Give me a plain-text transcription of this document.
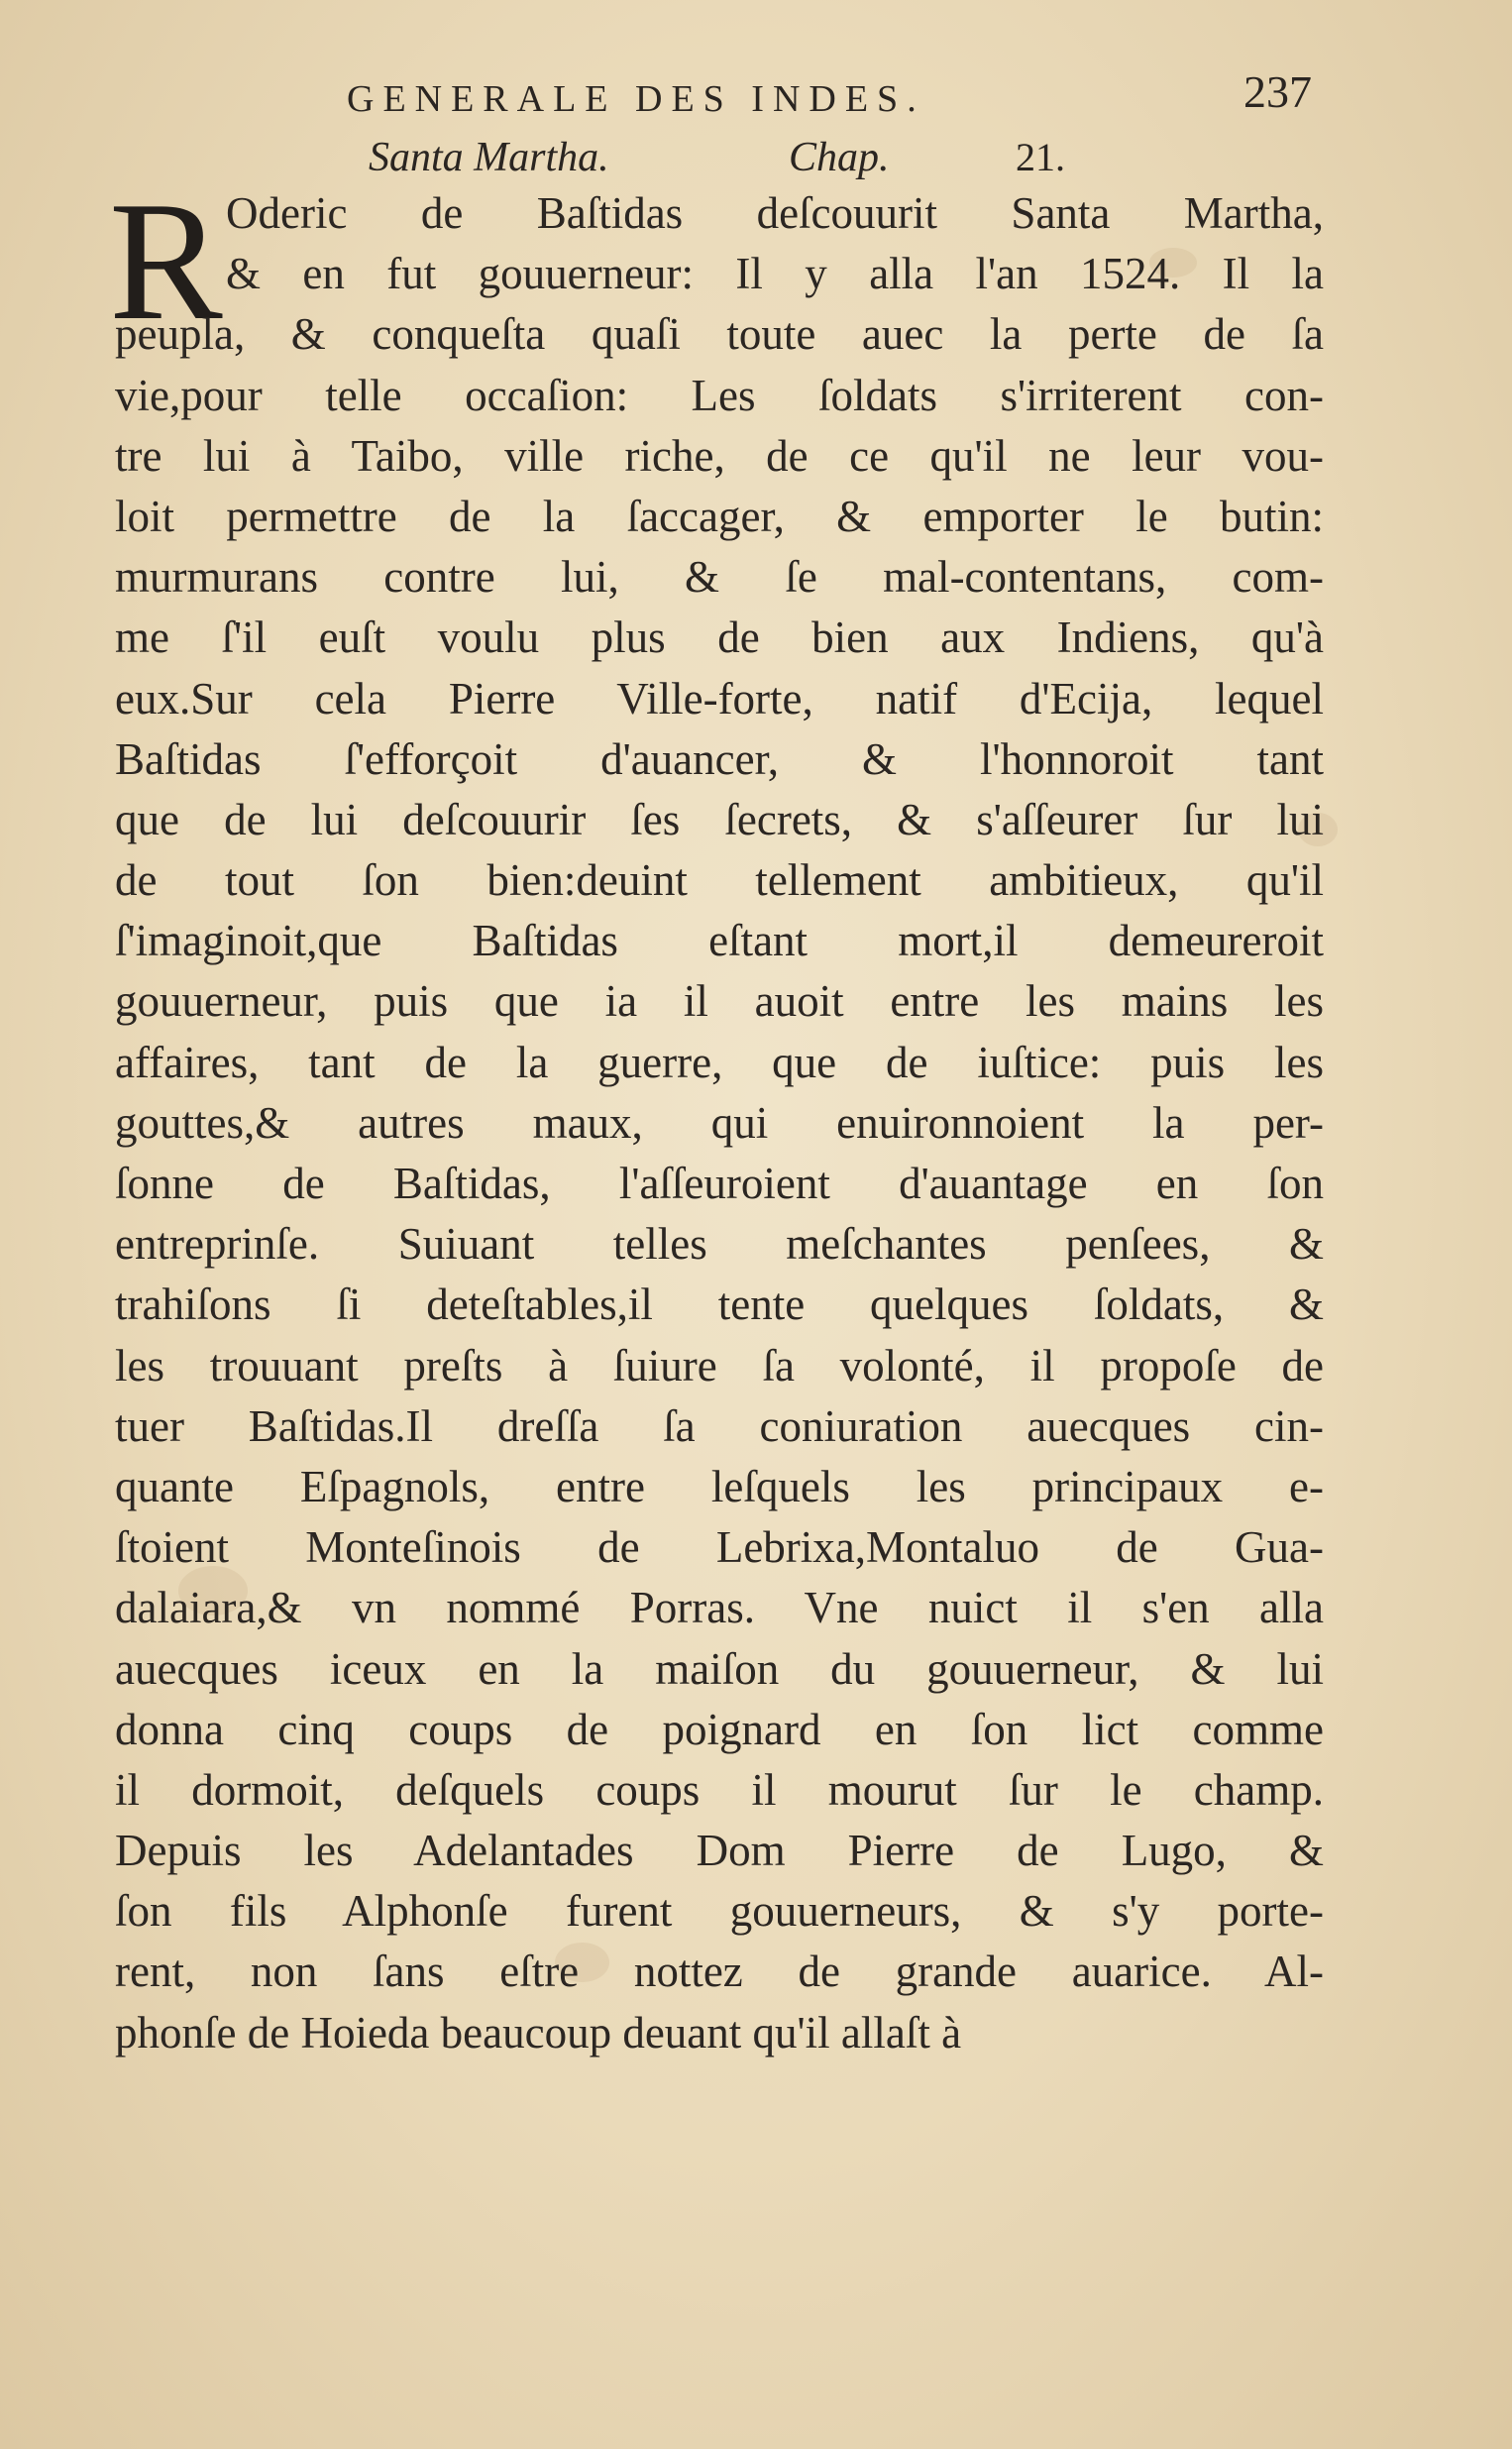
GENERALE DES INDES.	237
Santa Martha.	Chap.	21.
R Oderic de Baſtidas deſcouurit Santa Martha,
& en fut gouuerneur: Il y alla l'an 1524. Il la
peupla, & conqueſta quaſi toute auec la perte de ſa
vie,pour telle occaſion: Les ſoldats s'irriterent con-
tre lui à Taibo, ville riche, de ce qu'il ne leur vou-
loit permettre de la ſaccager, & emporter le butin:
murmurans contre lui, & ſe mal-contentans, com-
me ſ'il euſt voulu plus de bien aux Indiens, qu'à
eux.Sur cela Pierre Ville-forte, natif d'Ecija, lequel
Baſtidas ſ'efforçoit d'auancer, & l'honnoroit tant
que de lui deſcouurir ſes ſecrets, & s'aſſeurer ſur lui
de tout ſon bien:deuint tellement ambitieux, qu'il
ſ'imaginoit,que Baſtidas eſtant mort,il demeureroit
gouuerneur, puis que ia il auoit entre les mains les
affaires, tant de la guerre, que de iuſtice: puis les
gouttes,& autres maux, qui enuironnoient la per-
ſonne de Baſtidas, l'aſſeuroient d'auantage en ſon
entreprinſe. Suiuant telles meſchantes penſees, &
trahiſons ſi deteſtables,il tente quelques ſoldats, &
les trouuant preſts à ſuiure ſa volonté, il propoſe de
tuer Baſtidas.Il dreſſa ſa coniuration auecques cin-
quante Eſpagnols, entre leſquels les principaux e-
ſtoient Monteſinois de Lebrixa,Montaluo de Gua-
dalaiara,& vn nommé Porras. Vne nuict il s'en alla
auecques iceux en la maiſon du gouuerneur, & lui
donna cinq coups de poignard en ſon lict comme
il dormoit, deſquels coups il mourut ſur le champ.
Depuis les Adelantades Dom Pierre de Lugo, &
ſon fils Alphonſe furent gouuerneurs, & s'y porte-
rent, non ſans eſtre nottez de grande auarice. Al-
phonſe de Hoieda beaucoup deuant qu'il allaſt à
